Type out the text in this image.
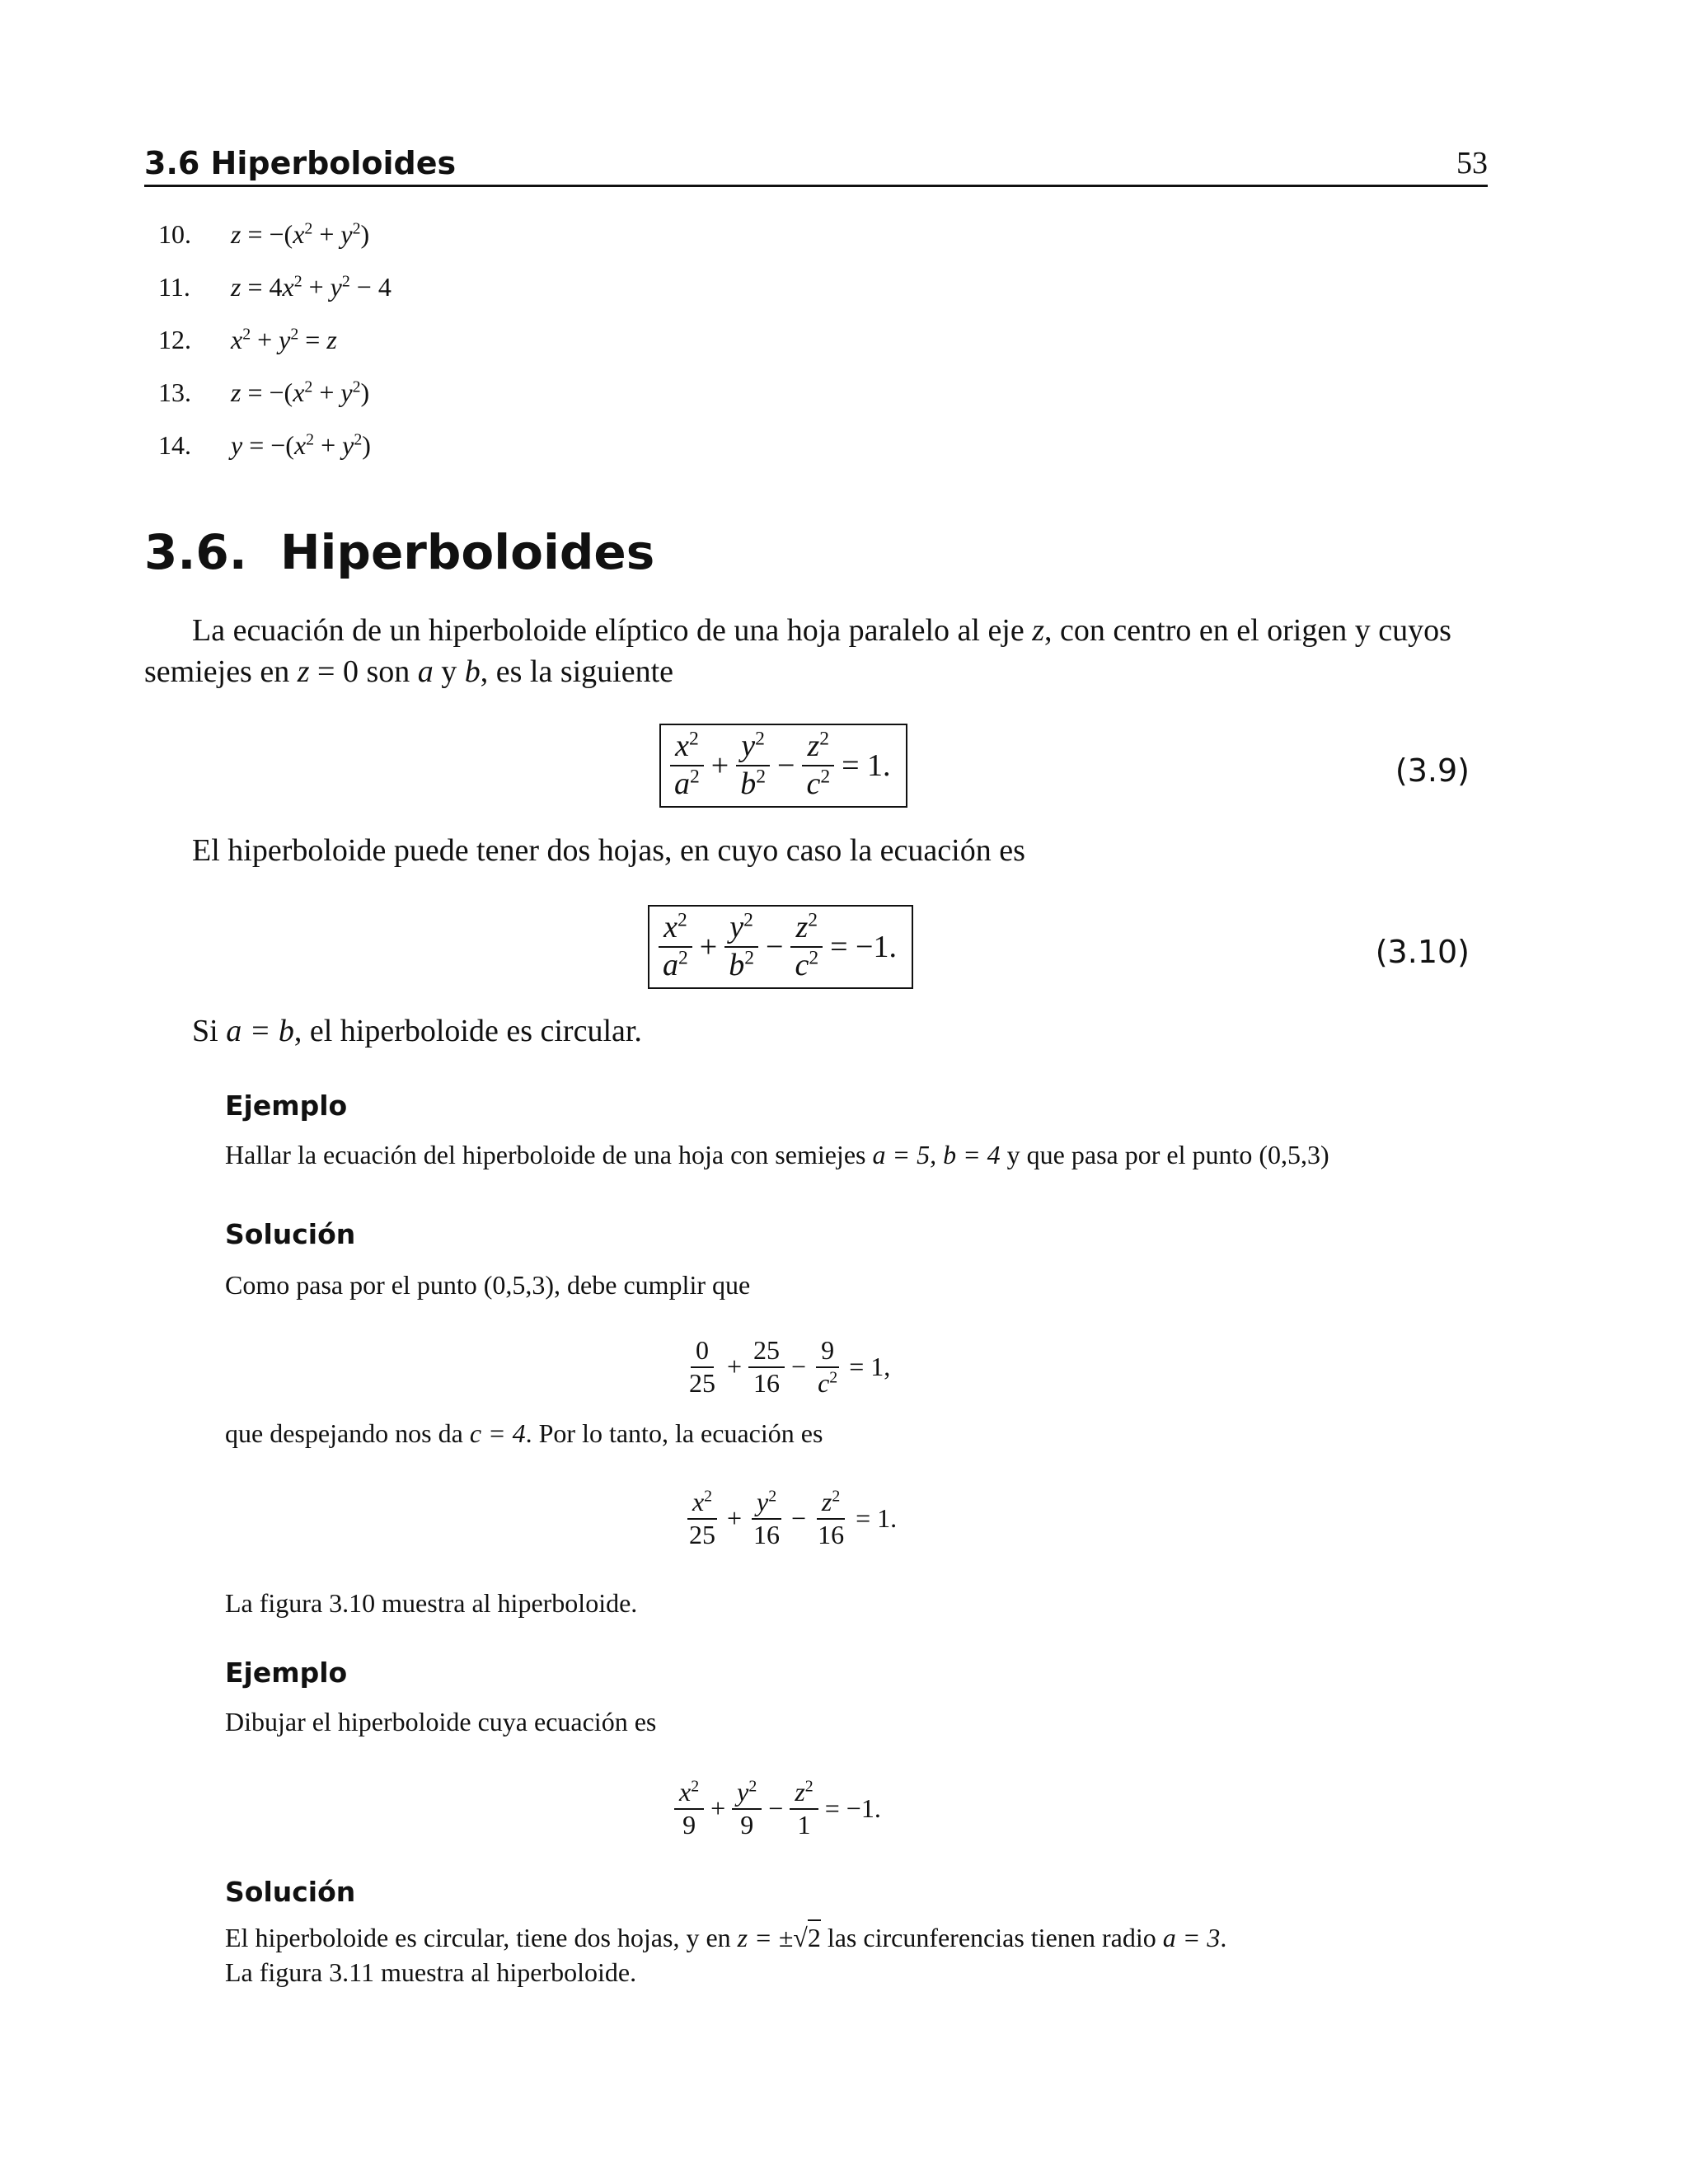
3.6 Hiperboloides	53
10. $z = -(x^2 + y^2)$
11. $z = 4x^2 + y^2 - 4$
12. $x^2 + y^2 = z$
13. $z = -(x^2 + y^2)$
14. $y = -(x^2 + y^2)$
3.6. Hiperboloides
La ecuación de un hiperboloide elíptico de una hoja paralelo al eje z, con centro en el origen y cuyos semiejes en z = 0 son a y b, es la siguiente
$\frac{x^2}{a^2} + \frac{y^2}{b^2} - \frac{z^2}{c^2} = 1$.	(3.9)
El hiperboloide puede tener dos hojas, en cuyo caso la ecuación es
$\frac{x^2}{a^2} + \frac{y^2}{b^2} - \frac{z^2}{c^2} = -1$.	(3.10)
Si a = b, el hiperboloide es circular.
Ejemplo
Hallar la ecuación del hiperboloide de una hoja con semiejes a = 5, b = 4 y que pasa por el punto (0,5,3)
Solución
Como pasa por el punto (0,5,3), debe cumplir que
$\frac{0}{25} + \frac{25}{16} - \frac{9}{c^2} = 1$,
que despejando nos da c = 4. Por lo tanto, la ecuación es
$\frac{x^2}{25} + \frac{y^2}{16} - \frac{z^2}{16} = 1$.
La figura 3.10 muestra al hiperboloide.
Ejemplo
Dibujar el hiperboloide cuya ecuación es
$\frac{x^2}{9} + \frac{y^2}{9} - \frac{z^2}{1} = -1$.
Solución
El hiperboloide es circular, tiene dos hojas, y en z = ±√2 las circunferencias tienen radio a = 3.
La figura 3.11 muestra al hiperboloide.
